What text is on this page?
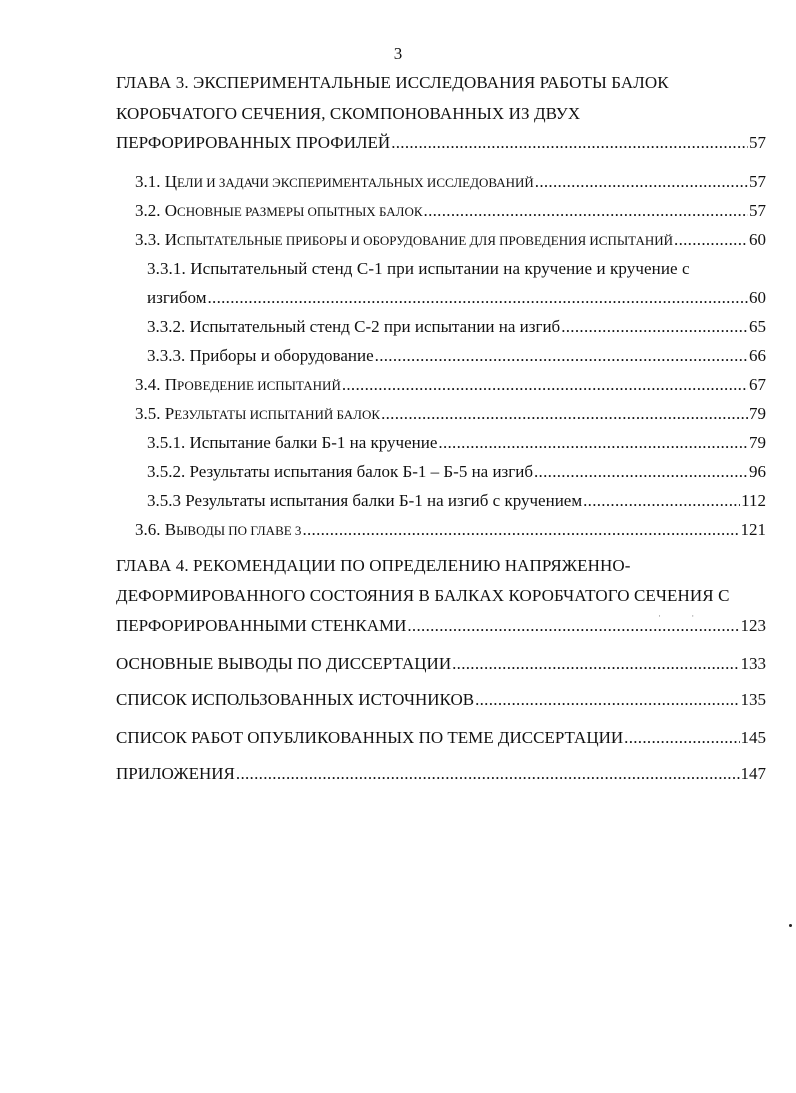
3
ГЛАВА 3. ЭКСПЕРИМЕНТАЛЬНЫЕ ИССЛЕДОВАНИЯ РАБОТЫ БАЛОК
КОРОБЧАТОГО СЕЧЕНИЯ, СКОМПОНОВАННЫХ ИЗ ДВУХ
ПЕРФОРИРОВАННЫХ ПРОФИЛЕЙ .....	57
3.1. ЦЕЛИ И ЗАДАЧИ ЭКСПЕРИМЕНТАЛЬНЫХ ИССЛЕДОВАНИЙ .....	57
3.2. ОСНОВНЫЕ РАЗМЕРЫ ОПЫТНЫХ БАЛОК .....	57
3.3. ИСПЫТАТЕЛЬНЫЕ ПРИБОРЫ И ОБОРУДОВАНИЕ ДЛЯ ПРОВЕДЕНИЯ ИСПЫТАНИЙ .....	60
3.3.1. Испытательный стенд С-1 при испытании на кручение и кручение с
изгибом .....	60
3.3.2. Испытательный стенд С-2 при испытании на изгиб .....	65
3.3.3. Приборы и оборудование .....	66
3.4. ПРОВЕДЕНИЕ ИСПЫТАНИЙ .....	67
3.5. РЕЗУЛЬТАТЫ ИСПЫТАНИЙ БАЛОК .....	79
3.5.1. Испытание балки Б-1 на кручение .....	79
3.5.2. Результаты испытания балок Б-1 – Б-5 на изгиб .....	96
3.5.3 Результаты испытания балки Б-1 на изгиб с кручением .....	112
3.6. ВЫВОДЫ ПО ГЛАВЕ 3 .....	121
ГЛАВА 4. РЕКОМЕНДАЦИИ ПО ОПРЕДЕЛЕНИЮ НАПРЯЖЕННО-
ДЕФОРМИРОВАННОГО СОСТОЯНИЯ В БАЛКАХ КОРОБЧАТОГО СЕЧЕНИЯ С
ПЕРФОРИРОВАННЫМИ СТЕНКАМИ .....	123
ОСНОВНЫЕ ВЫВОДЫ ПО ДИССЕРТАЦИИ .....	133
СПИСОК ИСПОЛЬЗОВАННЫХ ИСТОЧНИКОВ .....	135
СПИСОК РАБОТ ОПУБЛИКОВАННЫХ ПО ТЕМЕ ДИССЕРТАЦИИ .....	145
ПРИЛОЖЕНИЯ .....	147
· ·
